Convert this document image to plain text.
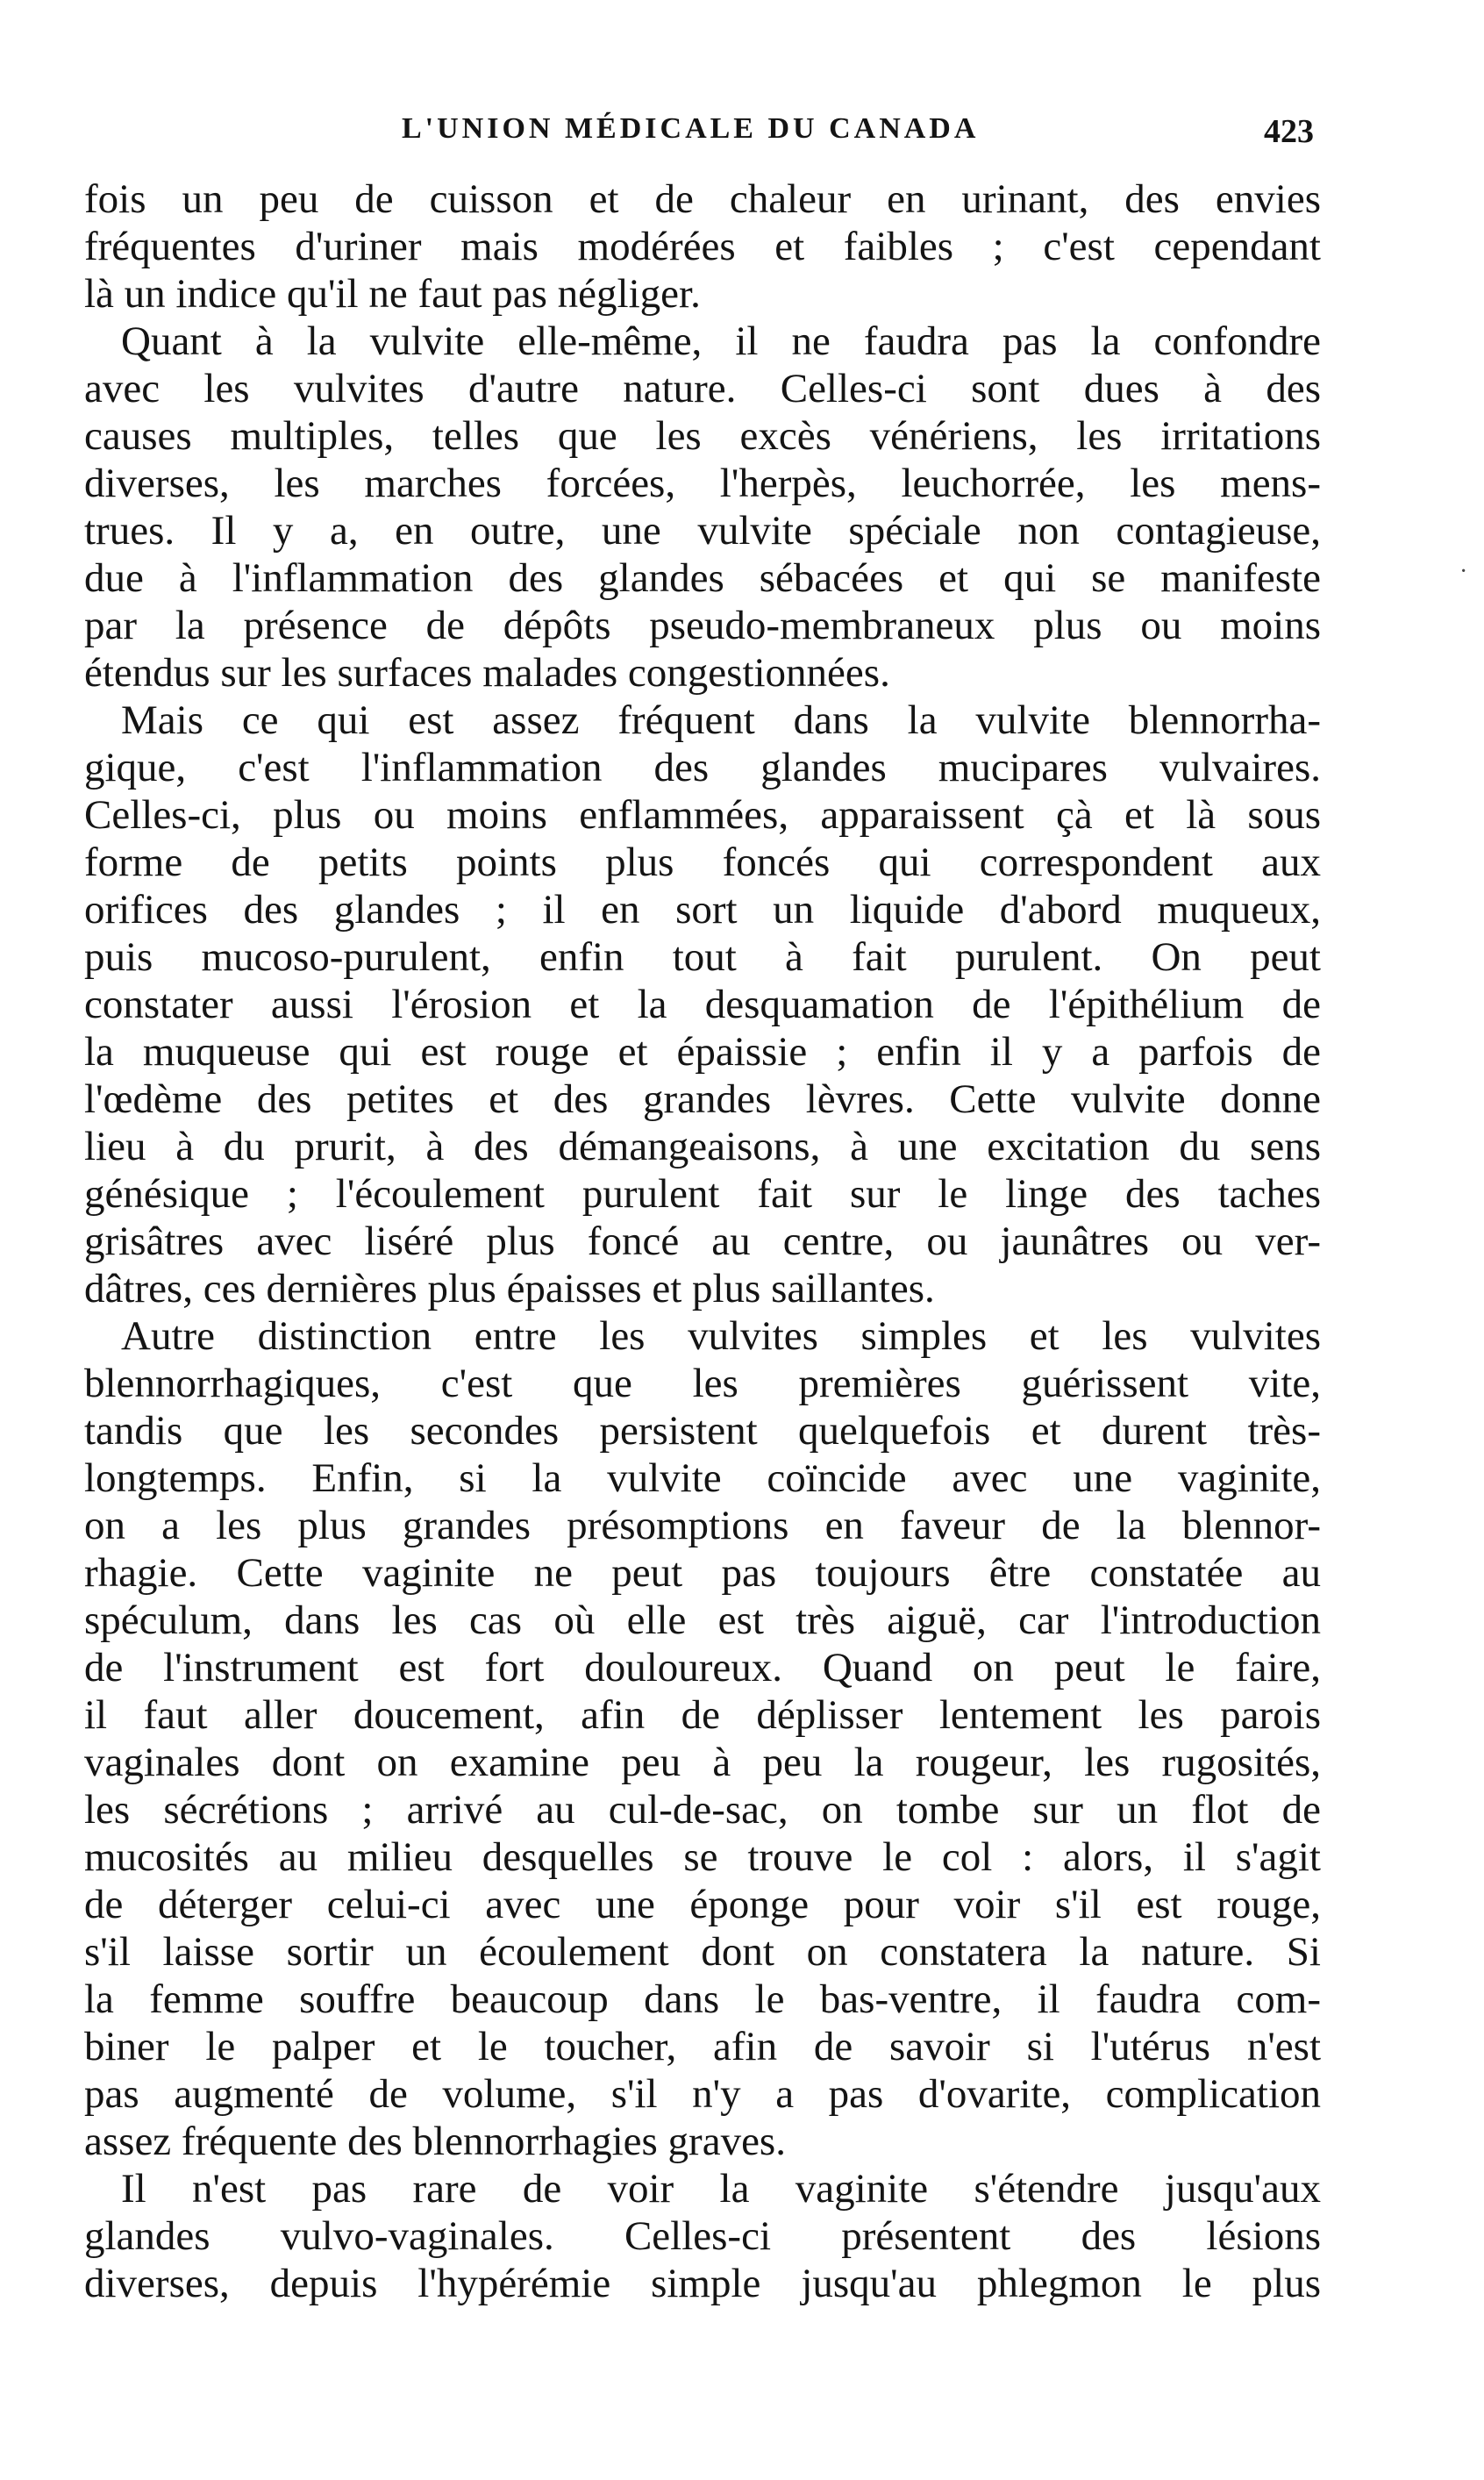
L'UNION MÉDICALE DU CANADA	423
fois un peu de cuisson et de chaleur en urinant, des envies
fréquentes d'uriner mais modérées et faibles ; c'est cependant
là un indice qu'il ne faut pas négliger.
Quant à la vulvite elle-même, il ne faudra pas la confondre
avec les vulvites d'autre nature. Celles-ci sont dues à des
causes multiples, telles que les excès vénériens, les irritations
diverses, les marches forcées, l'herpès, leuchorrée, les mens-
trues. Il y a, en outre, une vulvite spéciale non contagieuse,
due à l'inflammation des glandes sébacées et qui se manifeste
par la présence de dépôts pseudo-membraneux plus ou moins
étendus sur les surfaces malades congestionnées.
Mais ce qui est assez fréquent dans la vulvite blennorrha-
gique, c'est l'inflammation des glandes mucipares vulvaires.
Celles-ci, plus ou moins enflammées, apparaissent çà et là sous
forme de petits points plus foncés qui correspondent aux
orifices des glandes ; il en sort un liquide d'abord muqueux,
puis mucoso-purulent, enfin tout à fait purulent. On peut
constater aussi l'érosion et la desquamation de l'épithélium de
la muqueuse qui est rouge et épaissie ; enfin il y a parfois de
l'œdème des petites et des grandes lèvres. Cette vulvite donne
lieu à du prurit, à des démangeaisons, à une excitation du sens
génésique ; l'écoulement purulent fait sur le linge des taches
grisâtres avec liséré plus foncé au centre, ou jaunâtres ou ver-
dâtres, ces dernières plus épaisses et plus saillantes.
Autre distinction entre les vulvites simples et les vulvites
blennorrhagiques, c'est que les premières guérissent vite,
tandis que les secondes persistent quelquefois et durent très-
longtemps. Enfin, si la vulvite coïncide avec une vaginite,
on a les plus grandes présomptions en faveur de la blennor-
rhagie. Cette vaginite ne peut pas toujours être constatée au
spéculum, dans les cas où elle est très aiguë, car l'introduction
de l'instrument est fort douloureux. Quand on peut le faire,
il faut aller doucement, afin de déplisser lentement les parois
vaginales dont on examine peu à peu la rougeur, les rugosités,
les sécrétions ; arrivé au cul-de-sac, on tombe sur un flot de
mucosités au milieu desquelles se trouve le col : alors, il s'agit
de déterger celui-ci avec une éponge pour voir s'il est rouge,
s'il laisse sortir un écoulement dont on constatera la nature. Si
la femme souffre beaucoup dans le bas-ventre, il faudra com-
biner le palper et le toucher, afin de savoir si l'utérus n'est
pas augmenté de volume, s'il n'y a pas d'ovarite, complication
assez fréquente des blennorrhagies graves.
Il n'est pas rare de voir la vaginite s'étendre jusqu'aux
glandes vulvo-vaginales. Celles-ci présentent des lésions
diverses, depuis l'hypérémie simple jusqu'au phlegmon le plus
·
